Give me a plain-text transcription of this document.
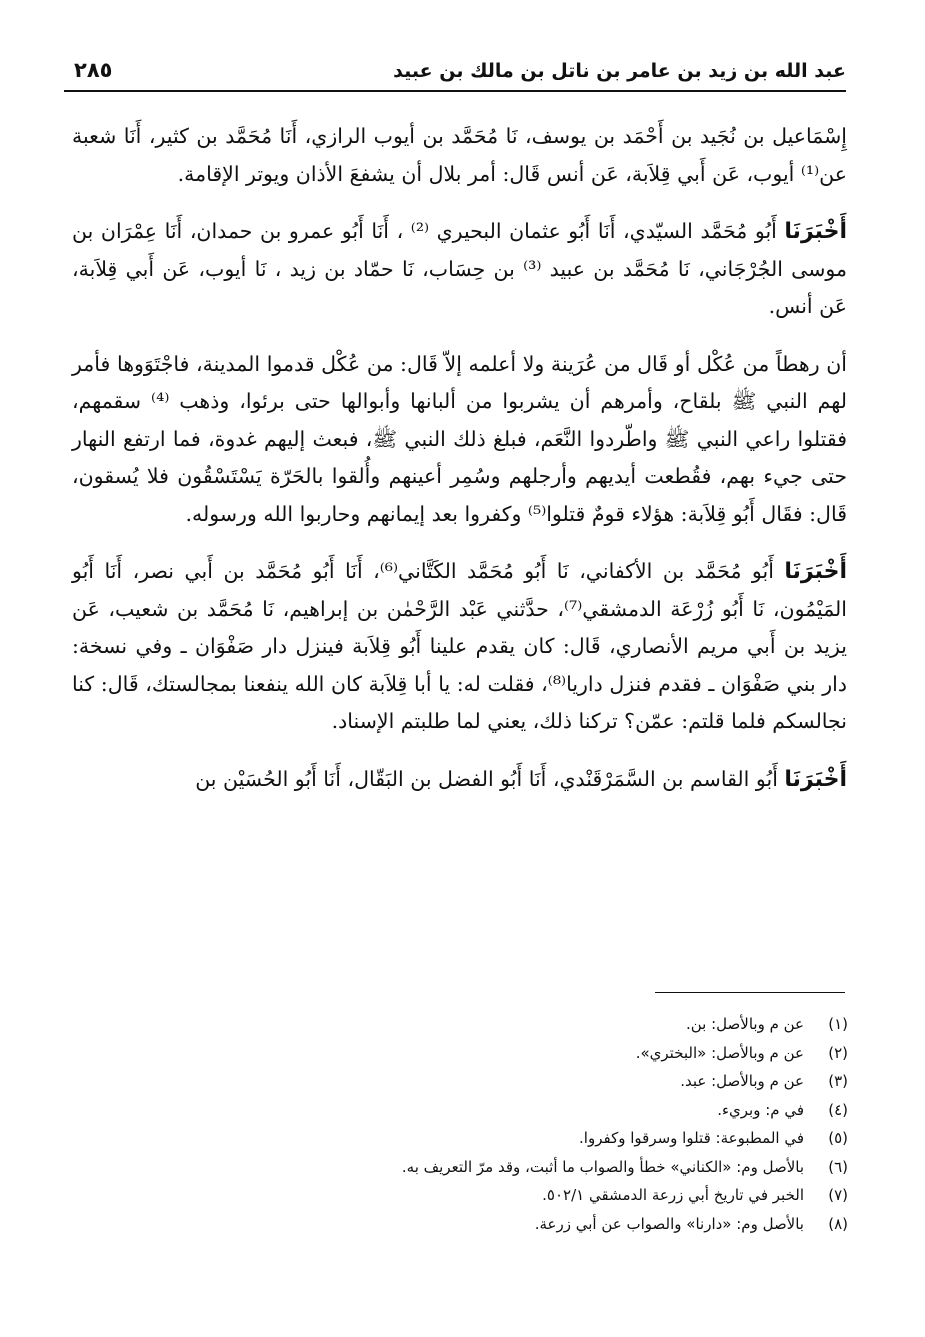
عبد الله بن زيد بن عامر بن ناتل بن مالك بن عبيد
٢٨٥

إِسْمَاعيل بن نُجَيد بن أَحْمَد بن يوسف، نَا مُحَمَّد بن أيوب الرازي، أَنَا مُحَمَّد بن كثير، أَنَا شعبة عن⁽¹⁾ أيوب، عَن أَبي قِلاَبة، عَن أنس قَال: أمر بلال أن يشفعَ الأذان ويوتر الإقامة.

أَخْبَرَنَا أَبُو مُحَمَّد السيّدي، أَنَا أَبُو عثمان البحيري ⁽²⁾ ، أَنَا أَبُو عمرو بن حمدان، أَنَا عِمْرَان بن موسى الجُرْجَاني، نَا مُحَمَّد بن عبيد ⁽³⁾ بن حِسَاب، نَا حمّاد بن زيد ، نَا أيوب، عَن أَبي قِلاَبة، عَن أنس.

أن رهطاً من عُكْل أو قَال من عُرَينة ولا أعلمه إلاّ قَال: من عُكْل قدموا المدينة، فاجْتَوَوها فأمر لهم النبي ﷺ بلقاح، وأمرهم أن يشربوا من ألبانها وأبوالها حتى برئوا، وذهب ⁽⁴⁾ سقمهم، فقتلوا راعي النبي ﷺ واطّردوا النَّعَم، فبلغ ذلك النبي ﷺ، فبعث إليهم غدوة، فما ارتفع النهار حتى جيء بهم، فقُطعت أيديهم وأرجلهم وسُمِر أعينهم وأُلقوا بالحَرّة يَسْتَسْقُون فلا يُسقون، قَال: فقَال أَبُو قِلاَبة: هؤلاء قومٌ قتلوا⁽⁵⁾ وكفروا بعد إيمانهم وحاربوا الله ورسوله.

أَخْبَرَنَا أَبُو مُحَمَّد بن الأكفاني، نَا أَبُو مُحَمَّد الكَتَّاني⁽⁶⁾، أَنَا أَبُو مُحَمَّد بن أَبي نصر، أَنَا أَبُو المَيْمُون، نَا أَبُو زُرْعَة الدمشقي⁽⁷⁾، حدَّثني عَبْد الرَّحْمٰن بن إبراهيم، نَا مُحَمَّد بن شعيب، عَن يزيد بن أَبي مريم الأنصاري، قَال: كان يقدم علينا أَبُو قِلاَبة فينزل دار صَفْوَان ـ وفي نسخة: دار بني صَفْوَان ـ فقدم فنزل داريا⁽⁸⁾، فقلت له: يا أبا قِلاَبة كان الله ينفعنا بمجالستك، قَال: كنا نجالسكم فلما قلتم: عمّن؟ تركنا ذلك، يعني لما طلبتم الإسناد.

أَخْبَرَنَا أَبُو القاسم بن السَّمَرْقَنْدي، أَنَا أَبُو الفضل بن البَقّال، أَنَا أَبُو الحُسَيْن بن

(١)عن م وبالأصل: بن.
(٢)عن م وبالأصل: «البختري».
(٣)عن م وبالأصل: عبد.
(٤)في م: وبريء.
(٥)في المطبوعة: قتلوا وسرقوا وكفروا.
(٦)بالأصل وم: «الكناني» خطأ والصواب ما أثبت، وقد مرّ التعريف به.
(٧)الخبر في تاريخ أبي زرعة الدمشقي ٥٠٢/١.
(٨)بالأصل وم: «دارنا» والصواب عن أبي زرعة.
